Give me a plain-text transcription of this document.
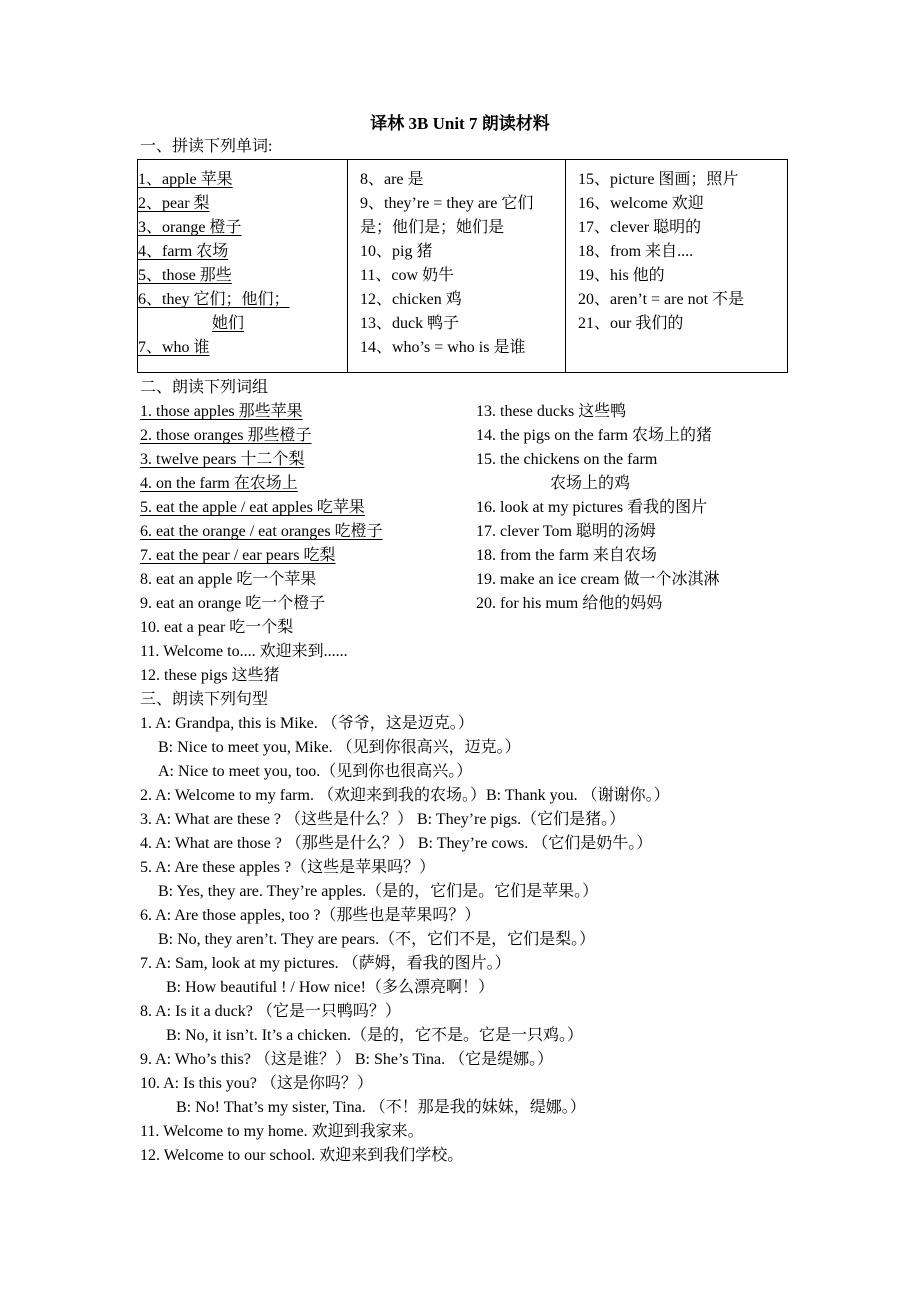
译林 3B Unit 7 朗读材料
一、拼读下列单词:
1、apple 苹果
2、pear 梨
3、orange 橙子
4、farm 农场
5、those 那些
6、they 它们；他们；
她们
7、who 谁
8、are 是
9、they’re = they are 它们
是；他们是；她们是
10、pig 猪
11、cow 奶牛
12、chicken 鸡
13、duck 鸭子
14、who’s = who is 是谁
15、picture 图画；照片
16、welcome 欢迎
17、clever 聪明的
18、from 来自....
19、his 他的
20、aren’t = are not 不是
21、our 我们的
二、朗读下列词组
1. those apples 那些苹果
2. those oranges 那些橙子
3. twelve pears 十二个梨
4. on the farm 在农场上
5. eat the apple / eat apples 吃苹果
6. eat the orange / eat oranges 吃橙子
7. eat the pear / ear pears 吃梨
8. eat an apple 吃一个苹果
9. eat an orange 吃一个橙子
10. eat a pear 吃一个梨
11. Welcome to.... 欢迎来到......
12. these pigs 这些猪
13. these ducks 这些鸭
14. the pigs on the farm 农场上的猪
15. the chickens on the farm
农场上的鸡
16. look at my pictures 看我的图片
17. clever Tom 聪明的汤姆
18. from the farm 来自农场
19. make an ice cream 做一个冰淇淋
20. for his mum 给他的妈妈
三、朗读下列句型
1. A: Grandpa, this is Mike. （爷爷，这是迈克。）
B: Nice to meet you, Mike. （见到你很高兴，迈克。）
A: Nice to meet you, too.（见到你也很高兴。）
2. A: Welcome to my farm. （欢迎来到我的农场。）B: Thank you. （谢谢你。）
3. A: What are these ? （这些是什么？） B: They’re pigs.（它们是猪。）
4. A: What are those ? （那些是什么？） B: They’re cows. （它们是奶牛。）
5. A: Are these apples ?（这些是苹果吗？）
B: Yes, they are. They’re apples.（是的，它们是。它们是苹果。）
6. A: Are those apples, too ?（那些也是苹果吗？）
B: No, they aren’t. They are pears.（不，它们不是，它们是梨。）
7. A: Sam, look at my pictures. （萨姆，看我的图片。）
B: How beautiful ! / How nice!（多么漂亮啊！）
8. A: Is it a duck? （它是一只鸭吗？）
B: No, it isn’t. It’s a chicken.（是的，它不是。它是一只鸡。）
9. A: Who’s this? （这是谁？） B: She’s Tina. （它是缇娜。）
10. A: Is this you? （这是你吗？）
B: No! That’s my sister, Tina. （不！那是我的妹妹，缇娜。）
11. Welcome to my home. 欢迎到我家来。
12. Welcome to our school. 欢迎来到我们学校。
